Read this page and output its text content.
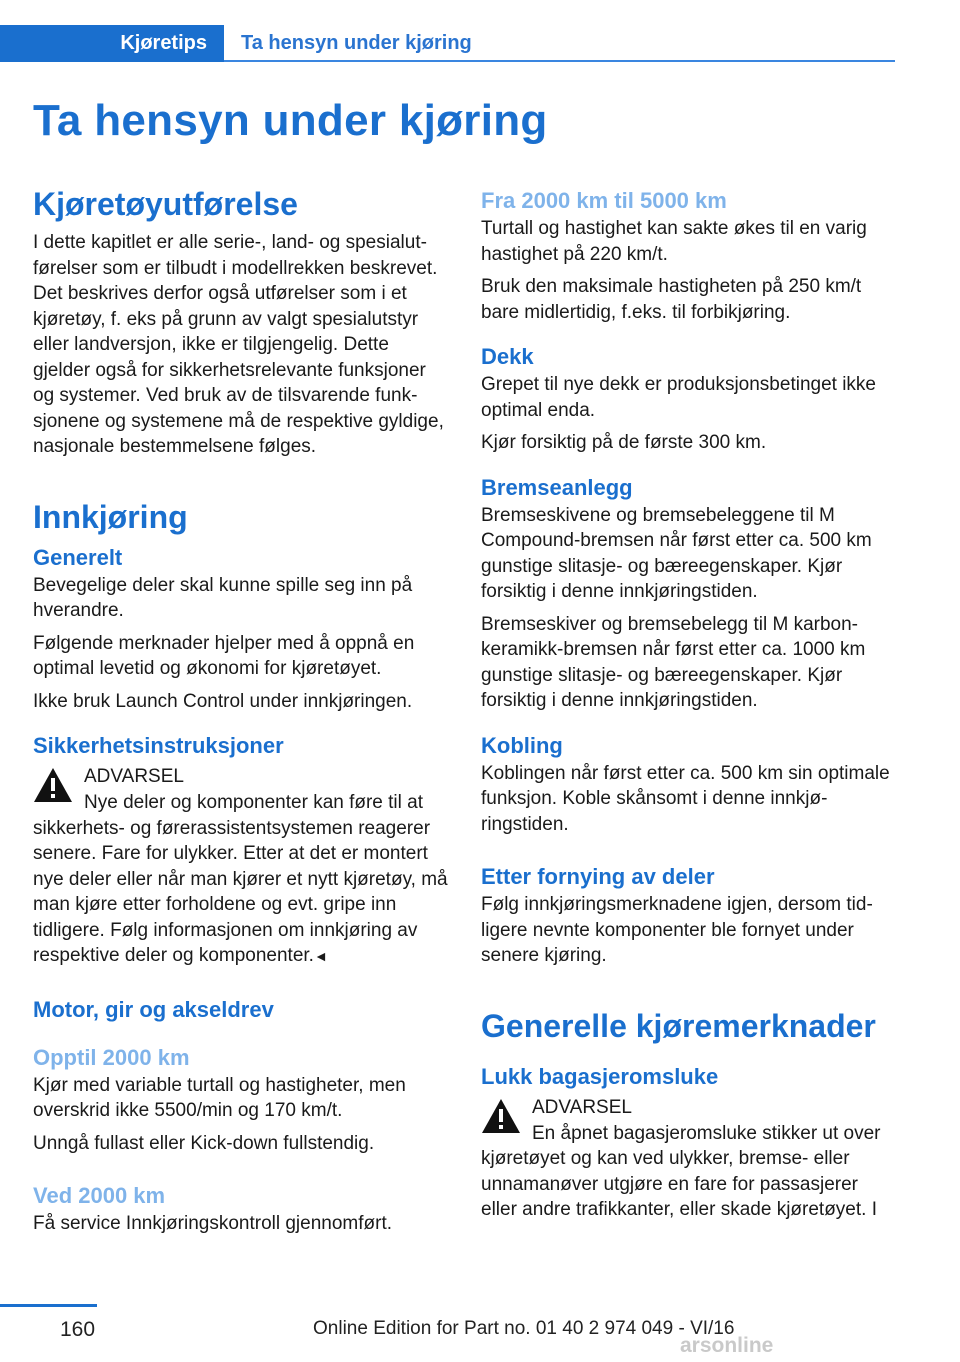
Kjøretips Ta hensyn under kjøring
Ta hensyn under kjøring
Kjøretøyutførelse

I dette kapitlet er alle serie-, land- og spesialutførelser som er tilbudt i modellrekken beskrevet. Det beskrives derfor også utførelser som i et kjøretøy, f. eks på grunn av valgt spesialutstyr eller landversjon, ikke er tilgjengelig. Dette gjelder også for sikkerhetsrelevante funksjoner og systemer. Ved bruk av de tilsvarende funksjonene og systemene må de respektive gyldige, nasjonale bestemmelsene følges.

Innkjøring
Generelt

Bevegelige deler skal kunne spille seg inn på hverandre.

Følgende merknader hjelper med å oppnå en optimal levetid og økonomi for kjøretøyet.

Ikke bruk Launch Control under innkjøringen.

Sikkerhetsinstruksjoner
ADVARSEL

Nye deler og komponenter kan føre til at

sikkerhets- og førerassistentsystemen reagerer senere. Fare for ulykker. Etter at det er montert nye deler eller når man kjører et nytt kjøretøy, må man kjøre etter forholdene og evt. gripe inn tidligere. Følg informasjonen om innkjøring av respektive deler og komponenter.◄

Motor, gir og akseldrev
Opptil 2000 km

Kjør med variable turtall og hastigheter, men overskrid ikke 5500/min og 170 km/t.

Unngå fullast eller Kick-down fullstendig.

Ved 2000 km

Få service Innkjøringskontroll gjennomført.

Fra 2000 km til 5000 km

Turtall og hastighet kan sakte økes til en varig hastighet på 220 km/t.

Bruk den maksimale hastigheten på 250 km/t bare midlertidig, f.eks. til forbikjøring.

Dekk

Grepet til nye dekk er produksjonsbetinget ikke optimal enda.

Kjør forsiktig på de første 300 km.

Bremseanlegg

Bremseskivene og bremsebeleggene til M Compound-bremsen når først etter ca. 500 km gunstige slitasje- og bæreegenskaper. Kjør forsiktig i denne innkjøringstiden.

Bremseskiver og bremsebelegg til M karbonkeramikk-bremsen når først etter ca. 1000 km gunstige slitasje- og bæreegenskaper. Kjør forsiktig i denne innkjøringstiden.

Kobling

Koblingen når først etter ca. 500 km sin optimale funksjon. Koble skånsomt i denne innkjøringstiden.

Etter fornying av deler

Følg innkjøringsmerknadene igjen, dersom tidligere nevnte komponenter ble fornyet under senere kjøring.

Generelle kjøremerknader
Lukk bagasjeromsluke
ADVARSEL

En åpnet bagasjeromsluke stikker ut over

kjøretøyet og kan ved ulykker, bremse- eller unnamanøver utgjøre en fare for passasjerer eller andre trafikkanter, eller skade kjøretøyet. I

160	Online Edition for Part no. 01 40 2 974 049 - VI/16
arsonline
